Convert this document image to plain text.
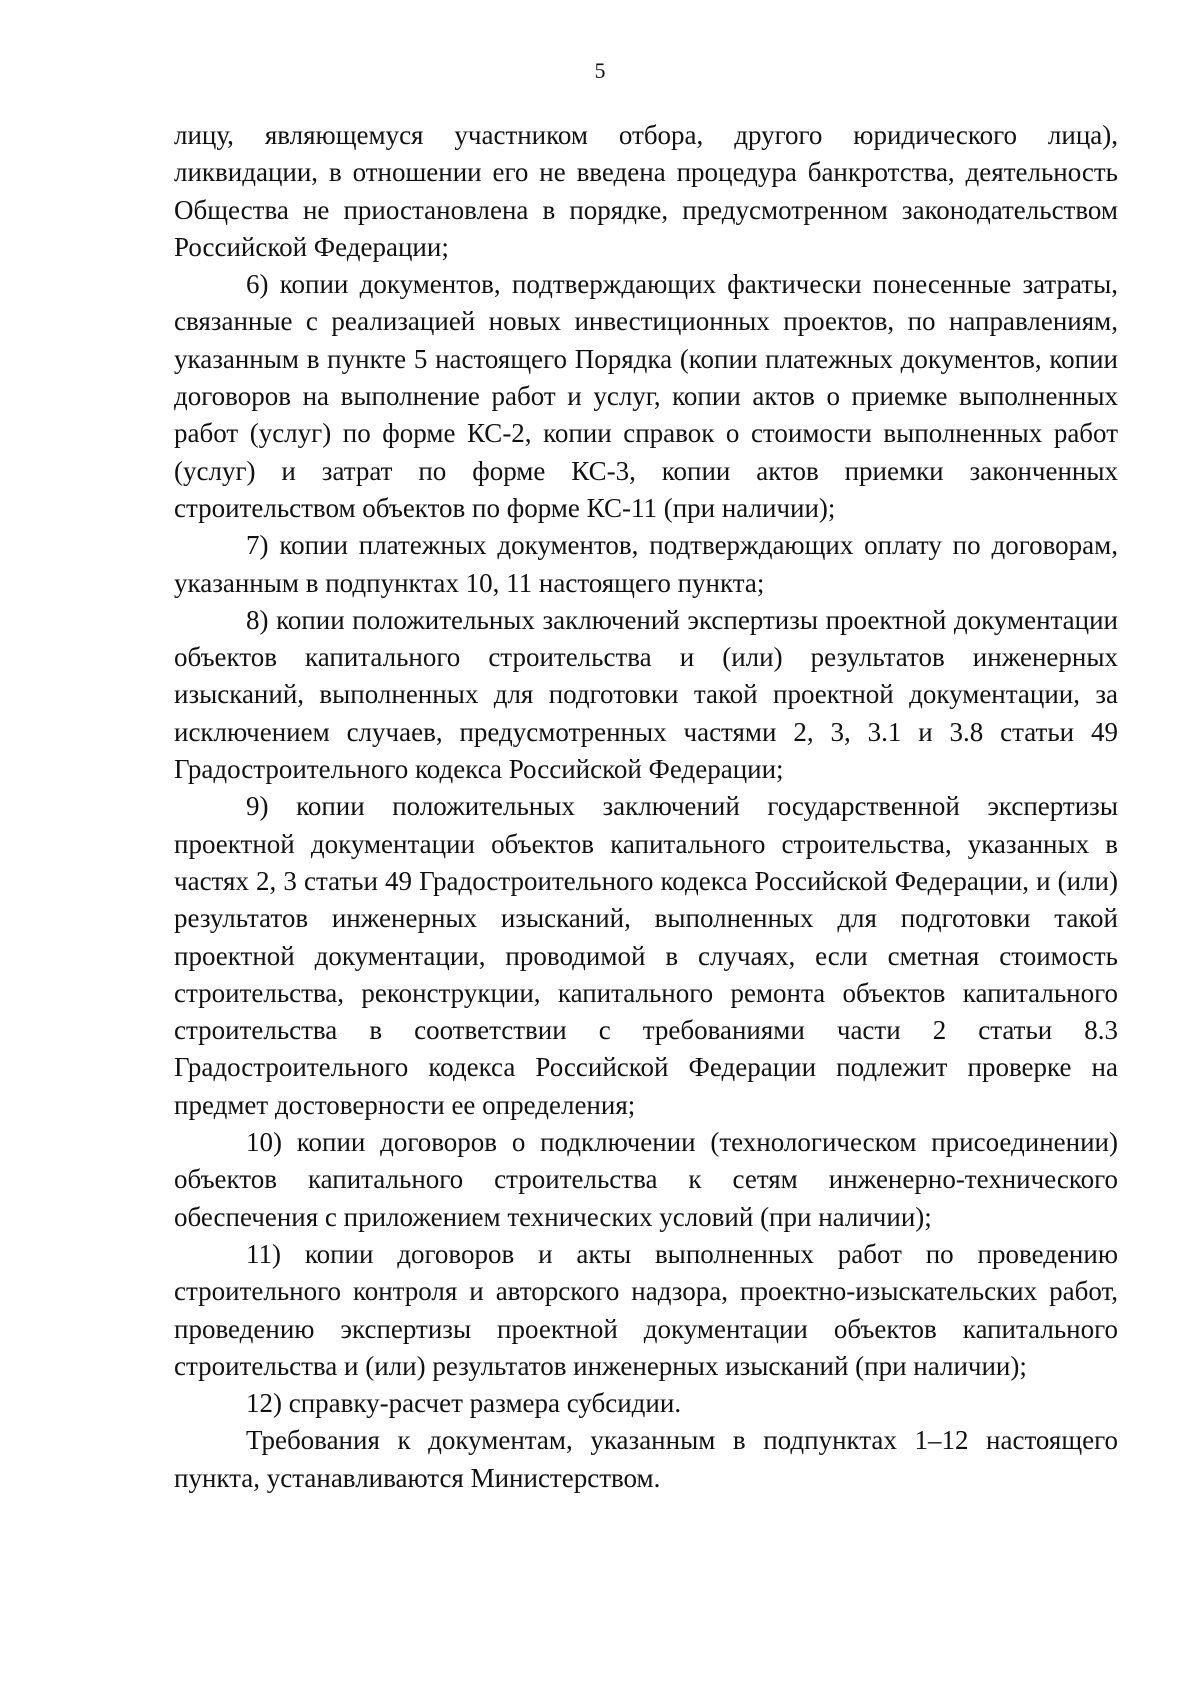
5

лицу, являющемуся участником отбора, другого юридического лица), ликвидации, в отношении его не введена процедура банкротства, деятельность Общества не приостановлена в порядке, предусмотренном законодательством Российской Федерации;

6) копии документов, подтверждающих фактически понесенные затраты, связанные с реализацией новых инвестиционных проектов, по направлениям, указанным в пункте 5 настоящего Порядка (копии платежных документов, копии договоров на выполнение работ и услуг, копии актов о приемке выполненных работ (услуг) по форме КС-2, копии справок о стоимости выполненных работ (услуг) и затрат по форме КС-3, копии актов приемки законченных строительством объектов по форме КС-11 (при наличии);

7) копии платежных документов, подтверждающих оплату по договорам, указанным в подпунктах 10, 11 настоящего пункта;

8) копии положительных заключений экспертизы проектной документации объектов капитального строительства и (или) результатов инженерных изысканий, выполненных для подготовки такой проектной документации, за исключением случаев, предусмотренных частями 2, 3, 3.1 и 3.8 статьи 49 Градостроительного кодекса Российской Федерации;

9) копии положительных заключений государственной экспертизы проектной документации объектов капитального строительства, указанных в частях 2, 3 статьи 49 Градостроительного кодекса Российской Федерации, и (или) результатов инженерных изысканий, выполненных для подготовки такой проектной документации, проводимой в случаях, если сметная стоимость строительства, реконструкции, капитального ремонта объектов капитального строительства в соответствии с требованиями части 2 статьи 8.3 Градостроительного кодекса Российской Федерации подлежит проверке на предмет достоверности ее определения;

10) копии договоров о подключении (технологическом присоединении) объектов капитального строительства к сетям инженерно-технического обеспечения с приложением технических условий (при наличии);

11) копии договоров и акты выполненных работ по проведению строительного контроля и авторского надзора, проектно-изыскательских работ, проведению экспертизы проектной документации объектов капитального строительства и (или) результатов инженерных изысканий (при наличии);

12) справку-расчет размера субсидии.

Требования к документам, указанным в подпунктах 1–12 настоящего пункта, устанавливаются Министерством.
